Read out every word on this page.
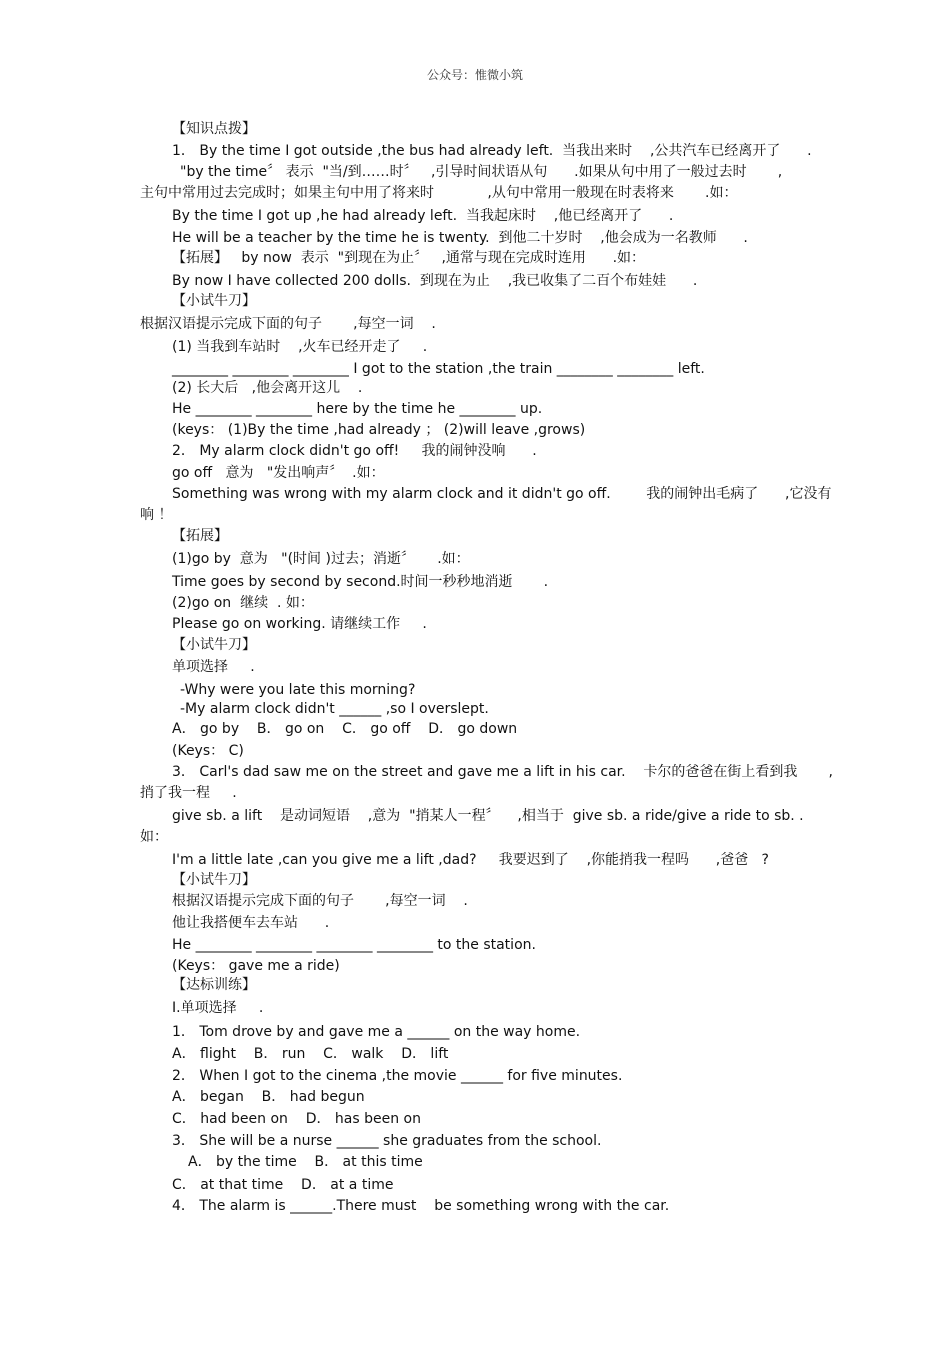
公众号：惟微小筑
【知识点拨】
1． By the time I got outside ,the bus had already left.  当我出来时    ,公共汽车已经离开了      .
"by the time〞 表示  "当/到……时〞   ,引导时间状语从句      .如果从句中用了一般过去时       ,
主句中常用过去完成时；如果主句中用了将来时            ,从句中常用一般现在时表将来       .如：
By the time I got up ,he had already left.  当我起床时    ,他已经离开了      .
He will be a teacher by the time he is twenty.  到他二十岁时    ,他会成为一名教师      .
【拓展】   by now  表示  "到现在为止〞   ,通常与现在完成时连用      .如：
By now I have collected 200 dolls.  到现在为止    ,我已收集了二百个布娃娃      .
【小试牛刀】
根据汉语提示完成下面的句子       ,每空一词    .
(1) 当我到车站时    ,火车已经开走了     .
________ ________ ________ I got to the station ,the train ________ ________ left.
(2) 长大后   ,他会离开这儿    .
He ________ ________ here by the time he ________ up.
(keys： (1)By the time ,had already ； (2)will leave ,grows)
2． My alarm clock didn't go off!     我的闹钟没响      .
go off   意为   "发出响声〞  .如：
Something was wrong with my alarm clock and it didn't go off.        我的闹钟出毛病了      ,它没有
响 ！
【拓展】
(1)go by  意为   "(时间 )过去；消逝〞     .如：
Time goes by second by second.时间一秒秒地消逝       .
(2)go on  继续  . 如：
Please go on working. 请继续工作     .
【小试牛刀】
单项选择     .
-Why were you late this morning?
-My alarm clock didn't ______ ,so I overslept.
A． go by    B． go on    C． go off    D． go down
(Keys： C)
3． Carl's dad saw me on the street and gave me a lift in his car.    卡尔的爸爸在街上看到我       ,
捎了我一程     .
give sb. a lift    是动词短语    ,意为  "捎某人一程〞    ,相当于  give sb. a ride/give a ride to sb. .
如：
I'm a little late ,can you give me a lift ,dad?     我要迟到了    ,你能捎我一程吗      ,爸爸   ?
【小试牛刀】
根据汉语提示完成下面的句子       ,每空一词    .
他让我搭便车去车站      .
He ________ ________ ________ ________ to the station.
(Keys： gave me a ride)
【达标训练】
Ⅰ.单项选择     .
1． Tom drove by and gave me a ______ on the way home.
A． flight    B． run    C． walk    D． lift
2． When I got to the cinema ,the movie ______ for five minutes.
A． began    B． had begun
C． had been on    D． has been on
3． She will be a nurse ______ she graduates from the school.
A． by the time    B． at this time
C． at that time    D． at a time
4． The alarm is ______.There must    be something wrong with the car.
